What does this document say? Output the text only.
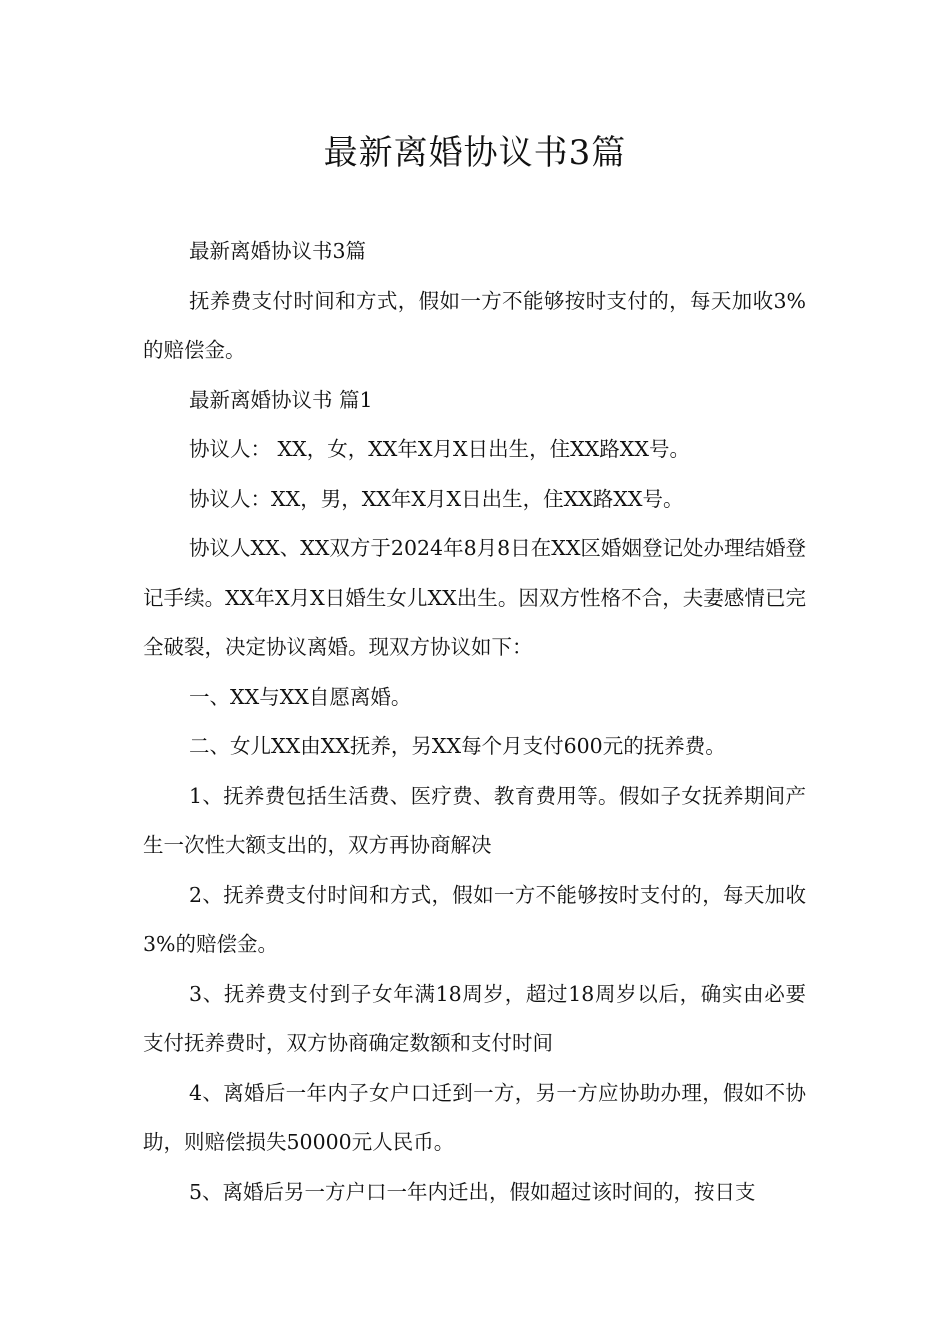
最新离婚协议书3篇

最新离婚协议书3篇

抚养费支付时间和方式，假如一方不能够按时支付的，每天加收3%的赔偿金。

最新离婚协议书 篇1

协议人： XX，女，XX年X月X日出生，住XX路XX号。

协议人：XX，男，XX年X月X日出生，住XX路XX号。

协议人XX、XX双方于2024年8月8日在XX区婚姻登记处办理结婚登记手续。XX年X月X日婚生女儿XX出生。因双方性格不合，夫妻感情已完全破裂，决定协议离婚。现双方协议如下：

一、XX与XX自愿离婚。

二、女儿XX由XX抚养，另XX每个月支付600元的抚养费。

1、抚养费包括生活费、医疗费、教育费用等。假如子女抚养期间产生一次性大额支出的，双方再协商解决

2、抚养费支付时间和方式，假如一方不能够按时支付的，每天加收3%的赔偿金。

3、抚养费支付到子女年满18周岁，超过18周岁以后，确实由必要支付抚养费时，双方协商确定数额和支付时间

4、离婚后一年内子女户口迁到一方，另一方应协助办理，假如不协助，则赔偿损失50000元人民币。

5、离婚后另一方户口一年内迁出，假如超过该时间的，按日支
